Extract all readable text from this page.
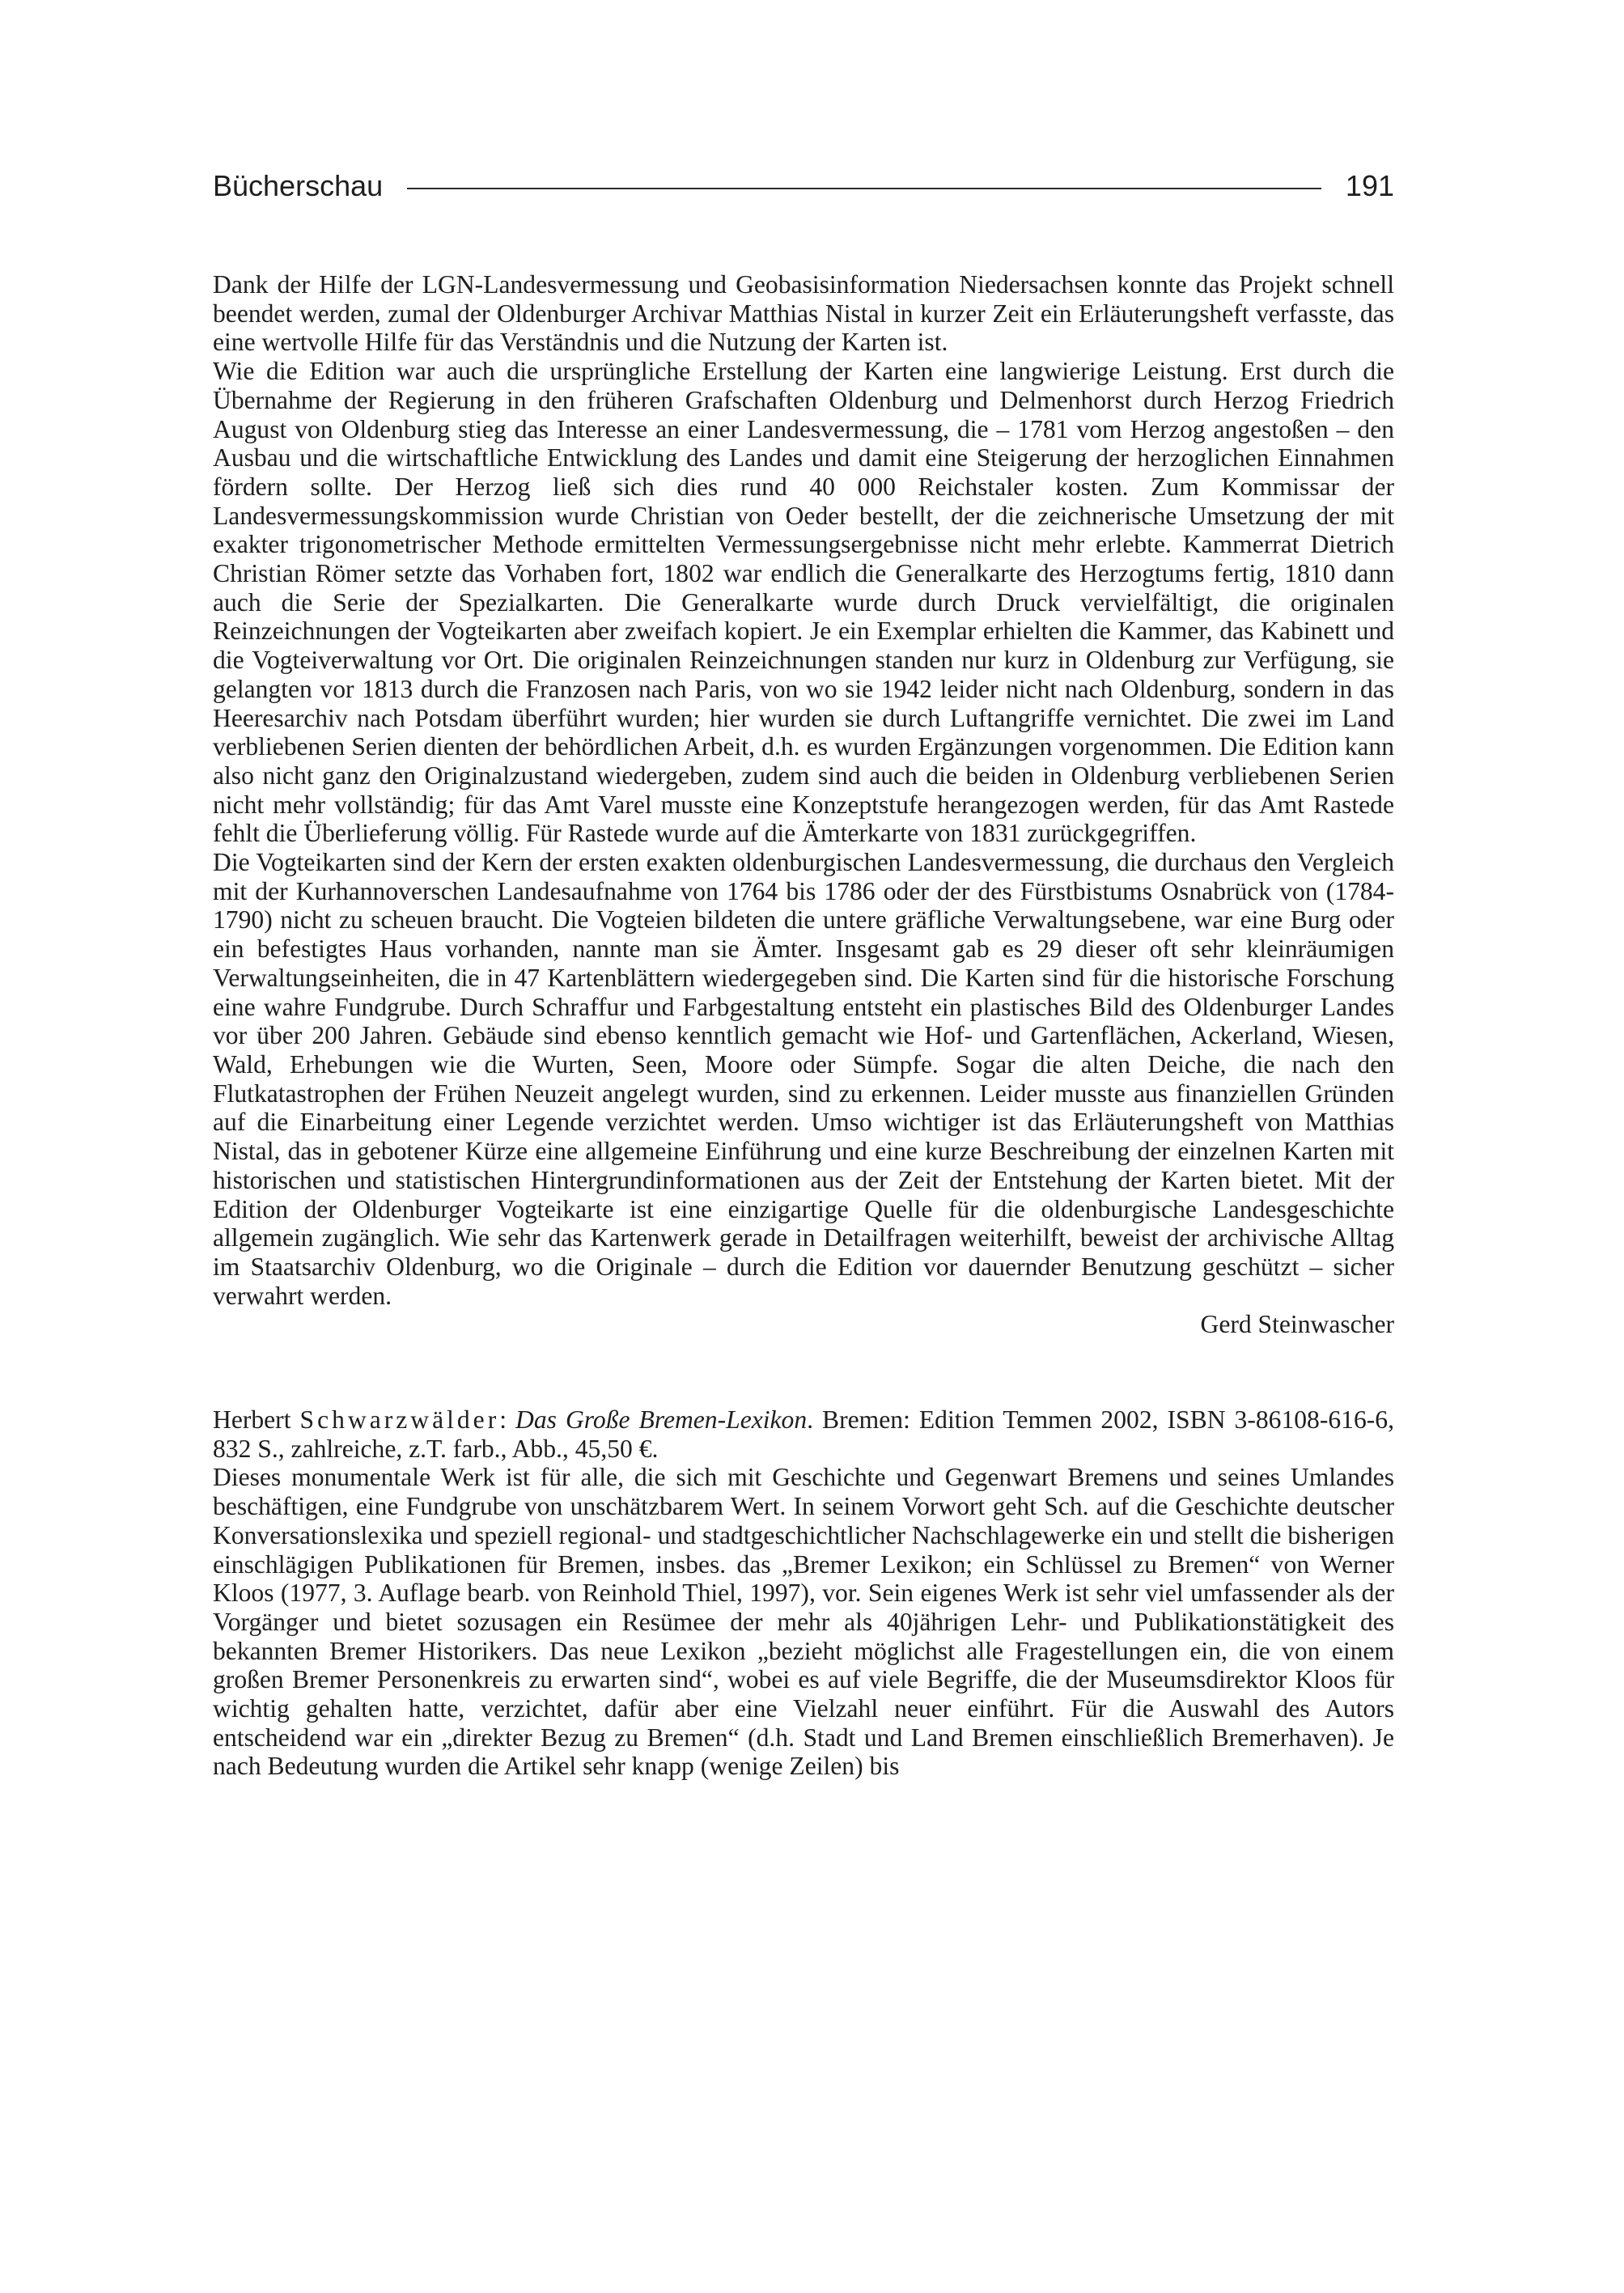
Bücherschau	191

Dank der Hilfe der LGN-Landesvermessung und Geobasisinformation Niedersachsen konnte das Projekt schnell beendet werden, zumal der Oldenburger Archivar Matthias Nistal in kurzer Zeit ein Erläuterungsheft verfasste, das eine wertvolle Hilfe für das Verständnis und die Nutzung der Karten ist.

Wie die Edition war auch die ursprüngliche Erstellung der Karten eine langwierige Leistung. Erst durch die Übernahme der Regierung in den früheren Grafschaften Oldenburg und Delmenhorst durch Herzog Friedrich August von Oldenburg stieg das Interesse an einer Landesvermessung, die – 1781 vom Herzog angestoßen – den Ausbau und die wirtschaftliche Entwicklung des Landes und damit eine Steigerung der herzoglichen Einnahmen fördern sollte. Der Herzog ließ sich dies rund 40 000 Reichstaler kosten. Zum Kommissar der Landesvermessungskommission wurde Christian von Oeder bestellt, der die zeichnerische Umsetzung der mit exakter trigonometrischer Methode ermittelten Vermessungsergebnisse nicht mehr erlebte. Kammerrat Dietrich Christian Römer setzte das Vorhaben fort, 1802 war endlich die Generalkarte des Herzogtums fertig, 1810 dann auch die Serie der Spezialkarten. Die Generalkarte wurde durch Druck vervielfältigt, die originalen Reinzeichnungen der Vogteikarten aber zweifach kopiert. Je ein Exemplar erhielten die Kammer, das Kabinett und die Vogteiverwaltung vor Ort. Die originalen Reinzeichnungen standen nur kurz in Oldenburg zur Verfügung, sie gelangten vor 1813 durch die Franzosen nach Paris, von wo sie 1942 leider nicht nach Oldenburg, sondern in das Heeresarchiv nach Potsdam überführt wurden; hier wurden sie durch Luftangriffe vernichtet. Die zwei im Land verbliebenen Serien dienten der behördlichen Arbeit, d.h. es wurden Ergänzungen vorgenommen. Die Edition kann also nicht ganz den Originalzustand wiedergeben, zudem sind auch die beiden in Oldenburg verbliebenen Serien nicht mehr vollständig; für das Amt Varel musste eine Konzeptstufe herangezogen werden, für das Amt Rastede fehlt die Überlieferung völlig. Für Rastede wurde auf die Ämterkarte von 1831 zurückgegriffen.

Die Vogteikarten sind der Kern der ersten exakten oldenburgischen Landesvermessung, die durchaus den Vergleich mit der Kurhannoverschen Landesaufnahme von 1764 bis 1786 oder der des Fürstbistums Osnabrück von (1784-1790) nicht zu scheuen braucht. Die Vogteien bildeten die untere gräfliche Verwaltungsebene, war eine Burg oder ein befestigtes Haus vorhanden, nannte man sie Ämter. Insgesamt gab es 29 dieser oft sehr kleinräumigen Verwaltungseinheiten, die in 47 Kartenblättern wiedergegeben sind. Die Karten sind für die historische Forschung eine wahre Fundgrube. Durch Schraffur und Farbgestaltung entsteht ein plastisches Bild des Oldenburger Landes vor über 200 Jahren. Gebäude sind ebenso kenntlich gemacht wie Hof- und Gartenflächen, Ackerland, Wiesen, Wald, Erhebungen wie die Wurten, Seen, Moore oder Sümpfe. Sogar die alten Deiche, die nach den Flutkatastrophen der Frühen Neuzeit angelegt wurden, sind zu erkennen. Leider musste aus finanziellen Gründen auf die Einarbeitung einer Legende verzichtet werden. Umso wichtiger ist das Erläuterungsheft von Matthias Nistal, das in gebotener Kürze eine allgemeine Einführung und eine kurze Beschreibung der einzelnen Karten mit historischen und statistischen Hintergrundinformationen aus der Zeit der Entstehung der Karten bietet. Mit der Edition der Oldenburger Vogteikarte ist eine einzigartige Quelle für die oldenburgische Landesgeschichte allgemein zugänglich. Wie sehr das Kartenwerk gerade in Detailfragen weiterhilft, beweist der archivische Alltag im Staatsarchiv Oldenburg, wo die Originale – durch die Edition vor dauernder Benutzung geschützt – sicher verwahrt werden.

Gerd Steinwascher

Herbert Schwarzwälder: Das Große Bremen-Lexikon. Bremen: Edition Temmen 2002, ISBN 3-86108-616-6, 832 S., zahlreiche, z.T. farb., Abb., 45,50 €.

Dieses monumentale Werk ist für alle, die sich mit Geschichte und Gegenwart Bremens und seines Umlandes beschäftigen, eine Fundgrube von unschätzbarem Wert. In seinem Vorwort geht Sch. auf die Geschichte deutscher Konversationslexika und speziell regional- und stadtgeschichtlicher Nachschlagewerke ein und stellt die bisherigen einschlägigen Publikationen für Bremen, insbes. das „Bremer Lexikon; ein Schlüssel zu Bremen“ von Werner Kloos (1977, 3. Auflage bearb. von Reinhold Thiel, 1997), vor. Sein eigenes Werk ist sehr viel umfassender als der Vorgänger und bietet sozusagen ein Resümee der mehr als 40jährigen Lehr- und Publikationstätigkeit des bekannten Bremer Historikers. Das neue Lexikon „bezieht möglichst alle Fragestellungen ein, die von einem großen Bremer Personenkreis zu erwarten sind“, wobei es auf viele Begriffe, die der Museumsdirektor Kloos für wichtig gehalten hatte, verzichtet, dafür aber eine Vielzahl neuer einführt. Für die Auswahl des Autors entscheidend war ein „direkter Bezug zu Bremen“ (d.h. Stadt und Land Bremen einschließlich Bremerhaven). Je nach Bedeutung wurden die Artikel sehr knapp (wenige Zeilen) bis
